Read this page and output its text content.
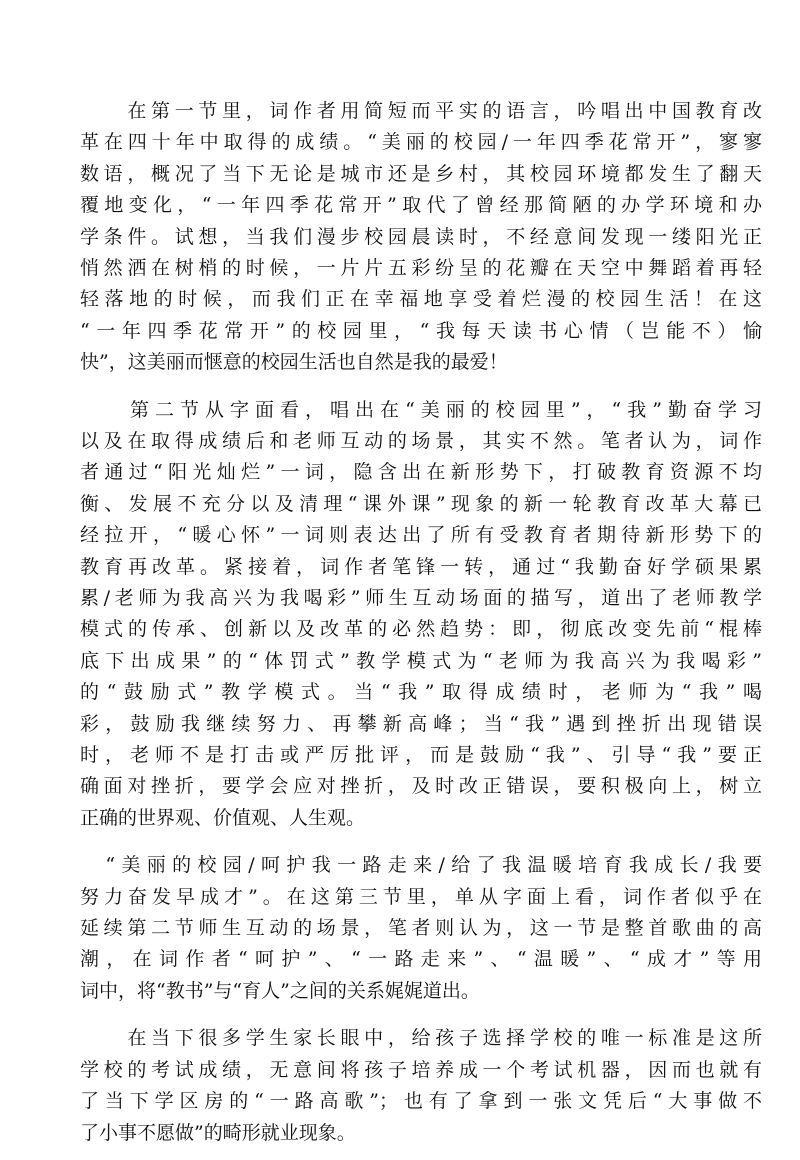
　　在第一节里，词作者用简短而平实的语言，吟唱出中国教育改
革在四十年中取得的成绩。“美丽的校园/一年四季花常开”，寥寥
数语，概况了当下无论是城市还是乡村，其校园环境都发生了翻天
覆地变化，“一年四季花常开”取代了曾经那简陋的办学环境和办
学条件。试想，当我们漫步校园晨读时，不经意间发现一缕阳光正
悄然洒在树梢的时候，一片片五彩纷呈的花瓣在天空中舞蹈着再轻
轻落地的时候，而我们正在幸福地享受着烂漫的校园生活！在这
“一年四季花常开”的校园里，“我每天读书心情（岂能不）愉
快”，这美丽而惬意的校园生活也自然是我的最爱！
　　第二节从字面看，唱出在“美丽的校园里”，“我”勤奋学习
以及在取得成绩后和老师互动的场景，其实不然。笔者认为，词作
者通过“阳光灿烂”一词，隐含出在新形势下，打破教育资源不均
衡、发展不充分以及清理“课外课”现象的新一轮教育改革大幕已
经拉开，“暖心怀”一词则表达出了所有受教育者期待新形势下的
教育再改革。紧接着，词作者笔锋一转，通过“我勤奋好学硕果累
累/老师为我高兴为我喝彩”师生互动场面的描写，道出了老师教学
模式的传承、创新以及改革的必然趋势：即，彻底改变先前“棍棒
底下出成果”的“体罚式”教学模式为“老师为我高兴为我喝彩”
的“鼓励式”教学模式。当“我”取得成绩时，老师为“我”喝
彩，鼓励我继续努力、再攀新高峰；当“我”遇到挫折出现错误
时，老师不是打击或严厉批评，而是鼓励“我”、引导“我”要正
确面对挫折，要学会应对挫折，及时改正错误，要积极向上，树立
正确的世界观、价值观、人生观。
　“美丽的校园/呵护我一路走来/给了我温暖培育我成长/我要
努力奋发早成才”。在这第三节里，单从字面上看，词作者似乎在
延续第二节师生互动的场景，笔者则认为，这一节是整首歌曲的高
潮，在词作者“呵护”、“一路走来”、“温暖”、“成才”等用
词中，将“教书”与“育人”之间的关系娓娓道出。
　　在当下很多学生家长眼中，给孩子选择学校的唯一标准是这所
学校的考试成绩，无意间将孩子培养成一个考试机器，因而也就有
了当下学区房的“一路高歌”；也有了拿到一张文凭后“大事做不
了小事不愿做”的畸形就业现象。
